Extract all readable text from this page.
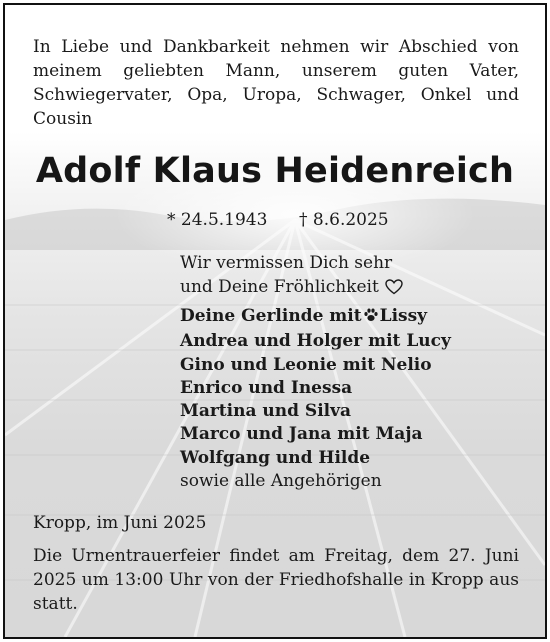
In Liebe und Dankbarkeit nehmen wir Abschied von
meinem geliebten Mann, unserem guten Vater,
Schwiegervater, Opa, Uropa, Schwager, Onkel und
Cousin
Adolf Klaus Heidenreich
* 24.5.1943 † 8.6.2025
Wir vermissen Dich sehr
und Deine Fröhlichkeit
Deine Gerlinde mit Lissy
Andrea und Holger mit Lucy
Gino und Leonie mit Nelio
Enrico und Inessa
Martina und Silva
Marco und Jana mit Maja
Wolfgang und Hilde
sowie alle Angehörigen
Kropp, im Juni 2025
Die Urnentrauerfeier findet am Freitag, dem 27. Juni
2025 um 13:00 Uhr von der Friedhofshalle in Kropp aus
statt.
